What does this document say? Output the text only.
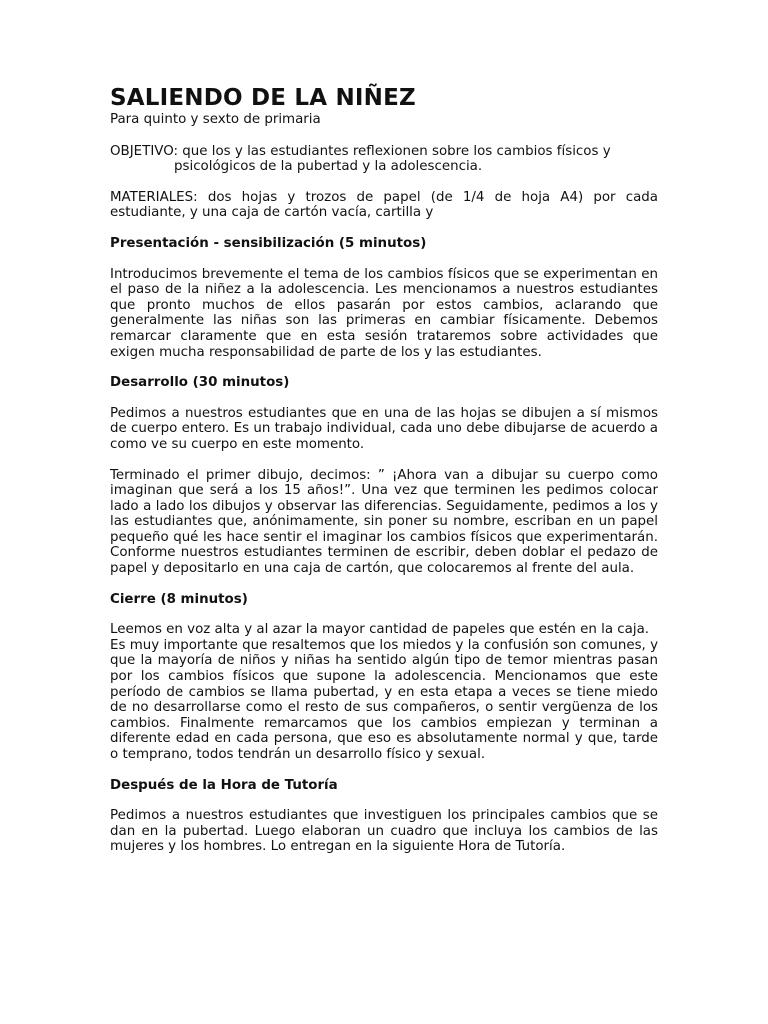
SALIENDO DE LA NIÑEZ
Para quinto y sexto de primaria
OBJETIVO: que los y las estudiantes reflexionen sobre los cambios físicos y
psicológicos de la pubertad y la adolescencia.

MATERIALES: dos hojas y trozos de papel (de 1/4 de hoja A4) por cada estudiante, y una caja de cartón vacía, cartilla y

Presentación - sensibilización (5 minutos)

Introducimos brevemente el tema de los cambios físicos que se experimentan en el paso de la niñez a la adolescencia. Les mencionamos a nuestros estudiantes que pronto muchos de ellos pasarán por estos cambios, aclarando que generalmente las niñas son las primeras en cambiar físicamente. Debemos remarcar claramente que en esta sesión trataremos sobre actividades que exigen mucha responsabilidad de parte de los y las estudiantes.

Desarrollo (30 minutos)

Pedimos a nuestros estudiantes que en una de las hojas se dibujen a sí mismos de cuerpo entero. Es un trabajo individual, cada uno debe dibujarse de acuerdo a como ve su cuerpo en este momento.

Terminado el primer dibujo, decimos: ” ¡Ahora van a dibujar su cuerpo como imaginan que será a los 15 años!”. Una vez que terminen les pedimos colocar lado a lado los dibujos y observar las diferencias. Seguidamente, pedimos a los y las estudiantes que, anónimamente, sin poner su nombre, escriban en un papel pequeño qué les hace sentir el imaginar los cambios físicos que experimentarán. Conforme nuestros estudiantes terminen de escribir, deben doblar el pedazo de papel y depositarlo en una caja de cartón, que colocaremos al frente del aula.

Cierre (8 minutos)

Leemos en voz alta y al azar la mayor cantidad de papeles que estén en la caja.

Es muy importante que resaltemos que los miedos y la confusión son comunes, y que la mayoría de niños y niñas ha sentido algún tipo de temor mientras pasan por los cambios físicos que supone la adolescencia. Mencionamos que este período de cambios se llama pubertad, y en esta etapa a veces se tiene miedo de no desarrollarse como el resto de sus compañeros, o sentir vergüenza de los cambios. Finalmente remarcamos que los cambios empiezan y terminan a diferente edad en cada persona, que eso es absolutamente normal y que, tarde o temprano, todos tendrán un desarrollo físico y sexual.

Después de la Hora de Tutoría

Pedimos a nuestros estudiantes que investiguen los principales cambios que se dan en la pubertad. Luego elaboran un cuadro que incluya los cambios de las mujeres y los hombres. Lo entregan en la siguiente Hora de Tutoría.
